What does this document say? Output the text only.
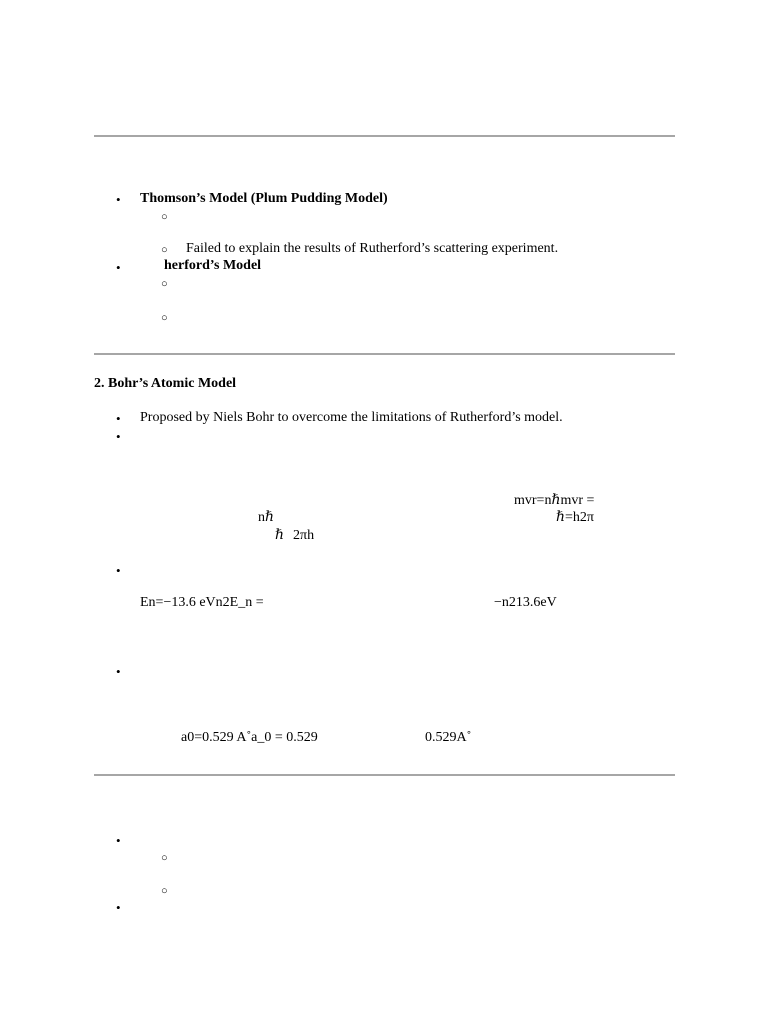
• Thomson’s Model (Plum Pudding Model)
○
○ Failed to explain the results of Rutherford’s scattering experiment.
•	herford’s Model
○
○
2. Bohr’s Atomic Model
• Proposed by Niels Bohr to overcome the limitations of Rutherford’s model.
•
mvr=nℏmvr =
nℏ	ℏ=h2π
ℏ 2πh
•
En=−13.6 eVn2E_n =	−n213.6eV
•
a0=0.529 A˚a_0 = 0.529	0.529A˚
•
○
○
•
